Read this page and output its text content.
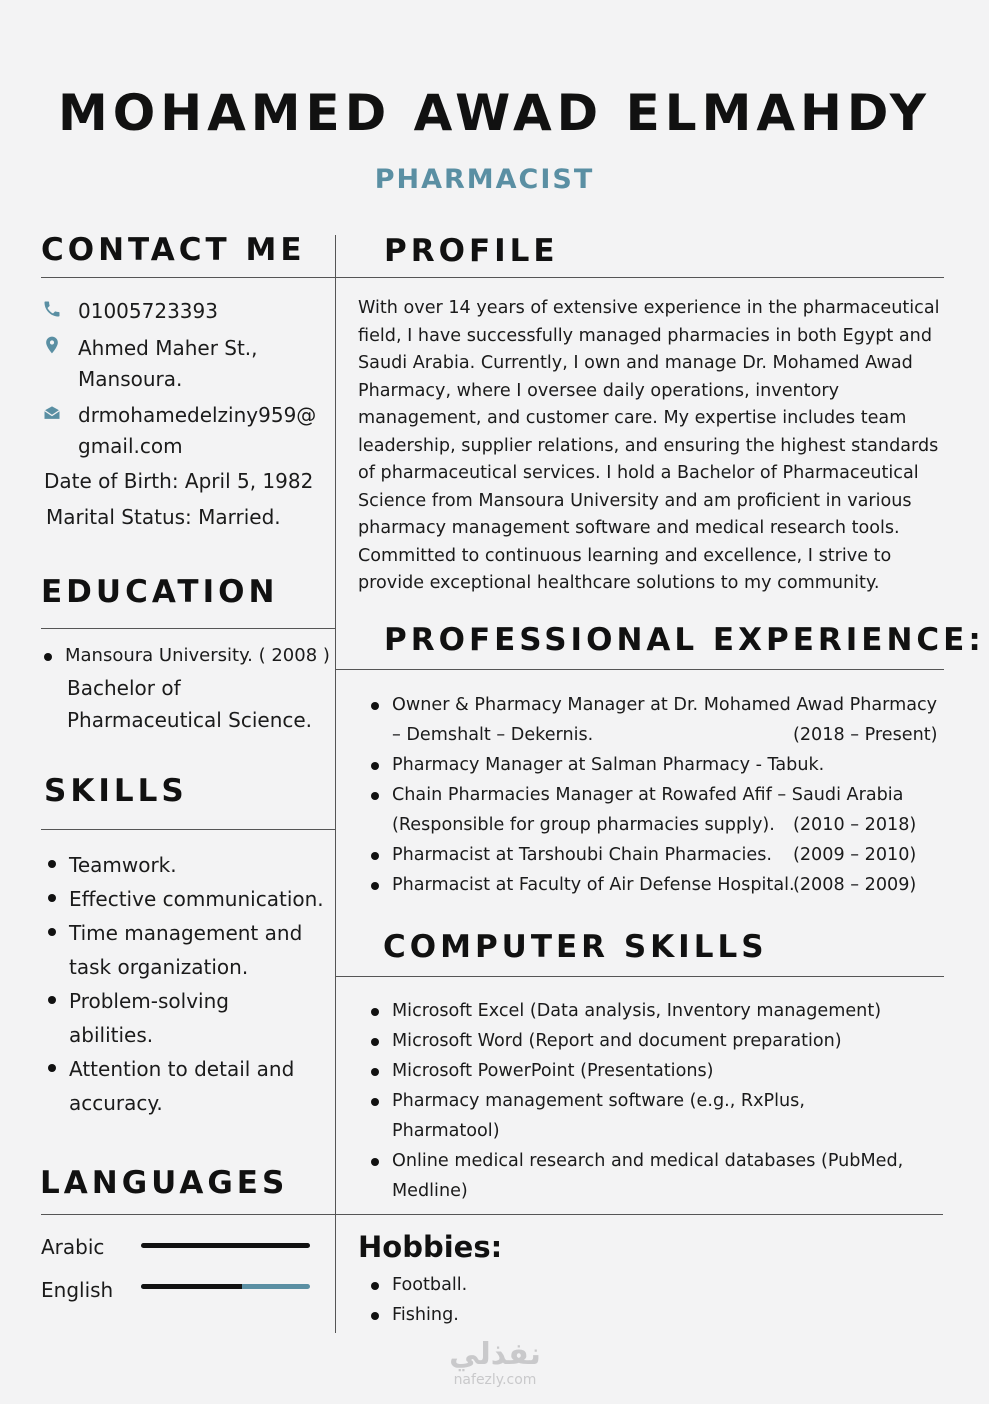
MOHAMED AWAD ELMAHDY
PHARMACIST
CONTACT ME
01005723393
Ahmed Maher St.,
Mansoura.
drmohamedelziny959@
gmail.com
Date of Birth: April 5, 1982
Marital Status: Married.
EDUCATION
Mansoura University. ( 2008 )
Bachelor of
Pharmaceutical Science.
SKILLS
Teamwork.
Effective communication.
Time management and
task organization.
Problem-solving
abilities.
Attention to detail and
accuracy.
LANGUAGES
Arabic
English
PROFILE
With over 14 years of extensive experience in the pharmaceutical
field, I have successfully managed pharmacies in both Egypt and
Saudi Arabia. Currently, I own and manage Dr. Mohamed Awad
Pharmacy, where I oversee daily operations, inventory
management, and customer care. My expertise includes team
leadership, supplier relations, and ensuring the highest standards
of pharmaceutical services. I hold a Bachelor of Pharmaceutical
Science from Mansoura University and am proficient in various
pharmacy management software and medical research tools.
Committed to continuous learning and excellence, I strive to
provide exceptional healthcare solutions to my community.
PROFESSIONAL EXPERIENCE:
Owner & Pharmacy Manager at Dr. Mohamed Awad Pharmacy
– Demshalt – Dekernis.	(2018 – Present)
Pharmacy Manager at Salman Pharmacy - Tabuk.
Chain Pharmacies Manager at Rowafed Afif – Saudi Arabia
(Responsible for group pharmacies supply). (2010 – 2018)
Pharmacist at Tarshoubi Chain Pharmacies. (2009 – 2010)
Pharmacist at Faculty of Air Defense Hospital.
(2008 – 2009)
COMPUTER SKILLS
Microsoft Excel (Data analysis, Inventory management)
Microsoft Word (Report and document preparation)
Microsoft PowerPoint (Presentations)
Pharmacy management software (e.g., RxPlus,
Pharmatool)
Online medical research and medical databases (PubMed,
Medline)
Hobbies:
Football.
Fishing.
نفذلي
nafezly.com
